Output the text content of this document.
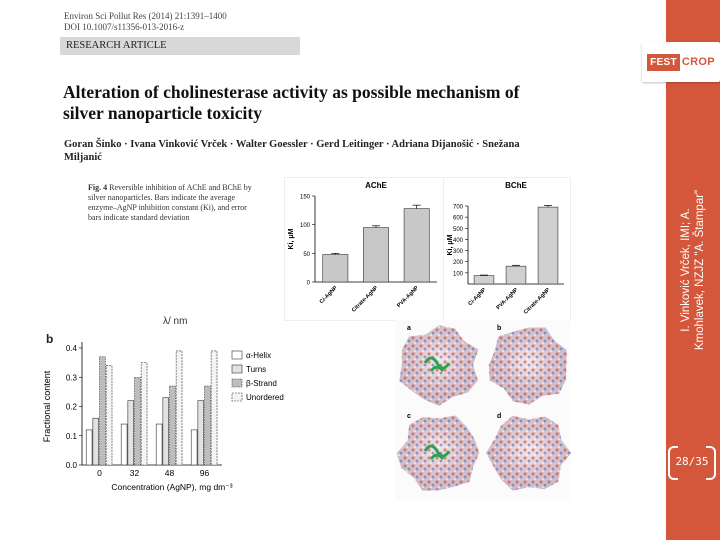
FEST CROP
I. Vinković Vrček, IMI; A. Kmohlavek, NZJZ "A. Štampar"
28/35
Environ Sci Pollut Res (2014) 21:1391–1400
DOI 10.1007/s11356-013-2016-z
RESEARCH ARTICLE
Alteration of cholinesterase activity as possible mechanism of silver nanoparticle toxicity
Goran Šinko · Ivana Vinković Vrček · Walter Goessler · Gerd Leitinger · Adriana Dijanošić · Snežana Miljanić
Fig. 4 Reversible inhibition of AChE and BChE by silver nanoparticles. Bars indicate the average enzyme–AgNP inhibition constant (Ki), and error bars indicate standard deviation
AChE
Ki, μM
0
50
100
150
Ci-AgNP Citrate-AgNP	PVA-AgNP
BChE
Ki, μM
100
200
300
400
500
600
700
Ci-AgNP PVA-AgNP Citrate-AgNP
λ/ nm
b
Fractional content
0.0
0.1
0.2
0.3
0.4
0	32	48	96
Concentration (AgNP), mg dm⁻³
α-Helix
Turns
β-Strand
Unordered
a	b
c	d
